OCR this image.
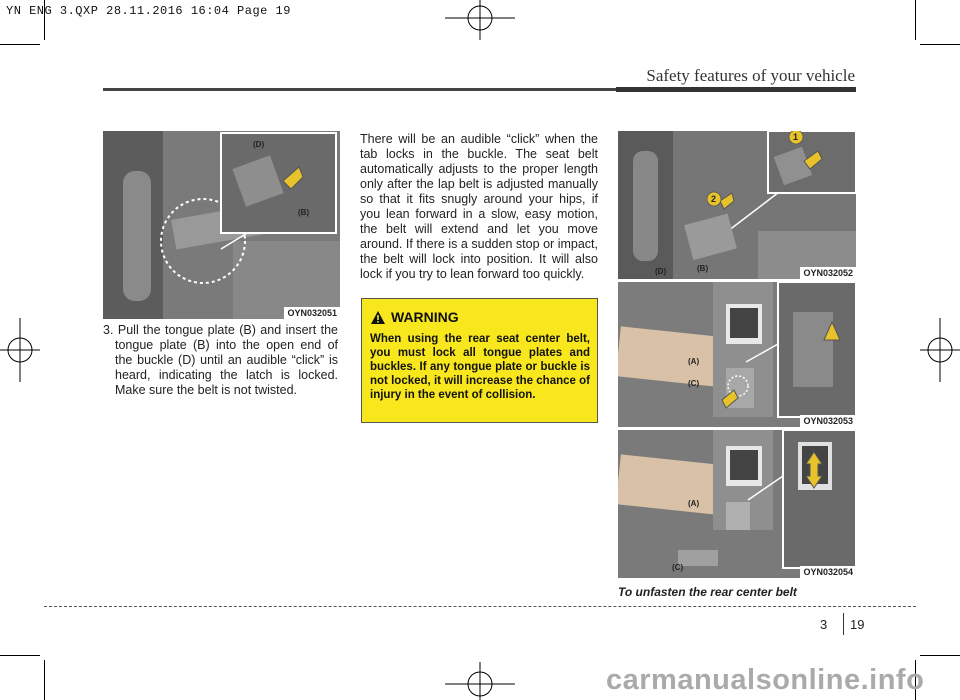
YN ENG 3.QXP 28.11.2016 16:04 Page 19
Safety features of your vehicle
(D)
(B)
OYN032051

3. Pull the tongue plate (B) and insert the tongue plate (B) into the open end of the buckle (D) until an audible “click” is heard, indicating the latch is locked. Make sure the belt is not twisted.

There will be an audible “click” when the tab locks in the buckle. The seat belt automatically adjusts to the proper length only after the lap belt is adjusted manually so that it fits snugly around your hips, if you lean forward in a slow, easy motion, the belt will extend and let you move around. If there is a sudden stop or impact, the belt will lock into position. It will also lock if you try to lean forward too quickly.

WARNING
When using the rear seat center belt, you must lock all tongue plates and buckles. If any tongue plate or buckle is not locked, it will increase the chance of injury in the event of collision.
1
2
(D)	(B)	OYN032052
(A)
(C)
OYN032053
(A)
(C)	OYN032054
To unfasten the rear center belt
3 19
carmanualsonline.info
